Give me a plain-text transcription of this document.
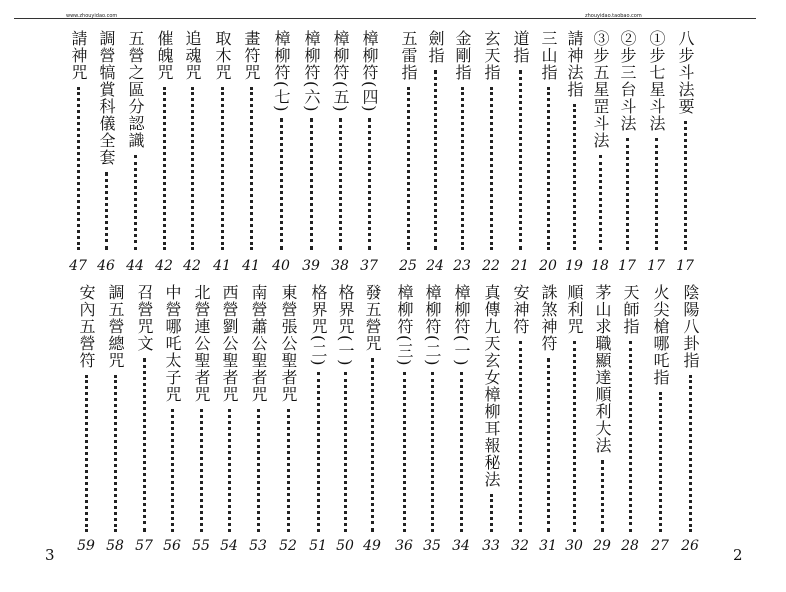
www.zhouyidao.com	zhouyidao.taobao.com
八步斗法要
17
①步七星斗法
17
②步三台斗法
17
③步五星罡斗法
18
請神法指
19
三山指
20
道指
21
玄天指
22
金剛指
23
劍指
24
五雷指
25
樟柳符(四)
37
樟柳符(五)
38
樟柳符(六)
39
樟柳符(七)
40
畫符咒
41
取木咒
41
追魂咒
42
催魄咒
42
五營之區分認識
44
調營犒賞科儀全套
46
請神咒
47
陰陽八卦指
26
火尖槍哪吒指
27
天師指
28
茅山求職顯達順利大法
29
順利咒
30
誅煞神符
31
安神符
32
真傳九天玄女樟柳耳報秘法
33
樟柳符(一)
34
樟柳符(二)
35
樟柳符(三)
36
發五營咒
49
格界咒(一)
50
格界咒(二)
51
東營張公聖者咒
52
南營蕭公聖者咒
53
西營劉公聖者咒
54
北營連公聖者咒
55
中營哪吒太子咒
56
召營咒文
57
調五營總咒
58
安內五營符
59
3	2
